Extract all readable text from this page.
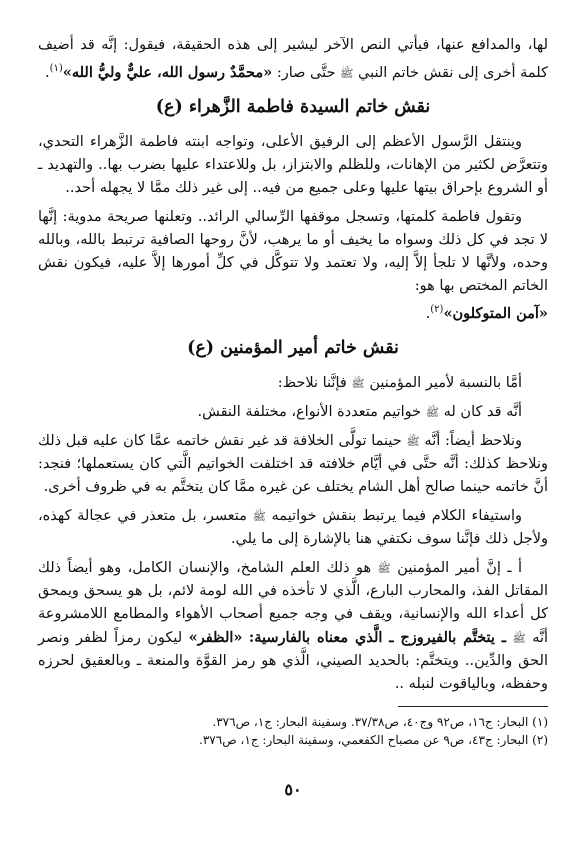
لها، والمدافع عنها، فيأتي النص الآخر ليشير إلى هذه الحقيقة، فيقول: إنَّه قد أضيف كلمة أخرى إلى نقش خاتم النبي ﷺ حتَّى صار: «محمَّدٌ رسول الله، عليٌّ وليُّ الله»$^{(١)}$.

نقش خاتم السيدة فاطمة الزَّهراء (ع)

وينتقل الرَّسول الأعظم إلى الرفيق الأعلى، وتواجه ابنته فاطمة الزَّهراء التحدي، وتتعرَّض لكثير من الإهانات، وللظلم والابتزاز، بل وللاعتداء عليها بضرب بها.. والتهديد ـ أو الشروع بإحراق بيتها عليها وعلى جميع من فيه.. إلى غير ذلك ممَّا لا يجهله أحد..

وتقول فاطمة كلمتها، وتسجل موقفها الرِّسالي الرائد.. وتعلنها صريحة مدوية: إنَّها لا تجد في كل ذلك وسواه ما يخيف أو ما يرهب، لأنَّ روحها الصافية ترتبط بالله، وبالله وحده، ولأنَّها لا تلجأ إلاَّ إليه، ولا تعتمد ولا تتوكَّل في كلِّ أمورها إلاَّ عليه، فيكون نقش الخاتم المختص بها هو:
«آمن المتوكلون»$^{(٢)}$.

نقش خاتم أمير المؤمنين (ع)

أمَّا بالنسبة لأمير المؤمنين ﷺ فإنَّنا نلاحظ:

أنَّه قد كان له ﷺ خواتيم متعددة الأنواع، مختلفة النقش.

ونلاحظ أيضاً: أنَّه ﷺ حينما تولَّى الخلافة قد غير نقش خاتمه عمَّا كان عليه قبل ذلك ونلاحظ كذلك: أنَّه حتَّى في أيَّام خلافته قد اختلفت الخواتيم الَّتي كان يستعملها؛ فنجد: أنَّ خاتمه حينما صالح أهل الشام يختلف عن غيره ممَّا كان يتختَّم به في ظروف أخرى.

واستيفاء الكلام فيما يرتبط بنقش خواتيمه ﷺ متعسر، بل متعذر في عجالة كهذه، ولأجل ذلك فإنَّنا سوف نكتفي هنا بالإشارة إلى ما يلي.

أ ـ إنَّ أمير المؤمنين ﷺ هو ذلك العلم الشامخ، والإنسان الكامل، وهو أيضاً ذلك المقاتل الفذ، والمحارب البارع، الَّذي لا تأخذه في الله لومة لائم، بل هو يسحق ويمحق كل أعداء الله والإنسانية، ويقف في وجه جميع أصحاب الأهواء والمطامع اللامشروعة أنَّه ﷺ ـ يتختَّم بالفيروزج ـ الَّذي معناه بالفارسية: «الظفر» ليكون رمزاً لظفر ونصر الحق والدِّين.. ويتختَّم: بالحديد الصيني، الَّذي هو رمز القوَّة والمنعة ـ وبالعقيق لحرزه وحفظه، وبالياقوت لنبله ..

(١) البحار: ج١٦، ص٩٢ وج٤٠، ص٣٧/٣٨. وسفينة البحار: ج١، ص٣٧٦.

(٢) البحار: ج٤٣، ص٩ عن مصباح الكفعمي، وسفينة البحار: ج١، ص٣٧٦.

٥٠
